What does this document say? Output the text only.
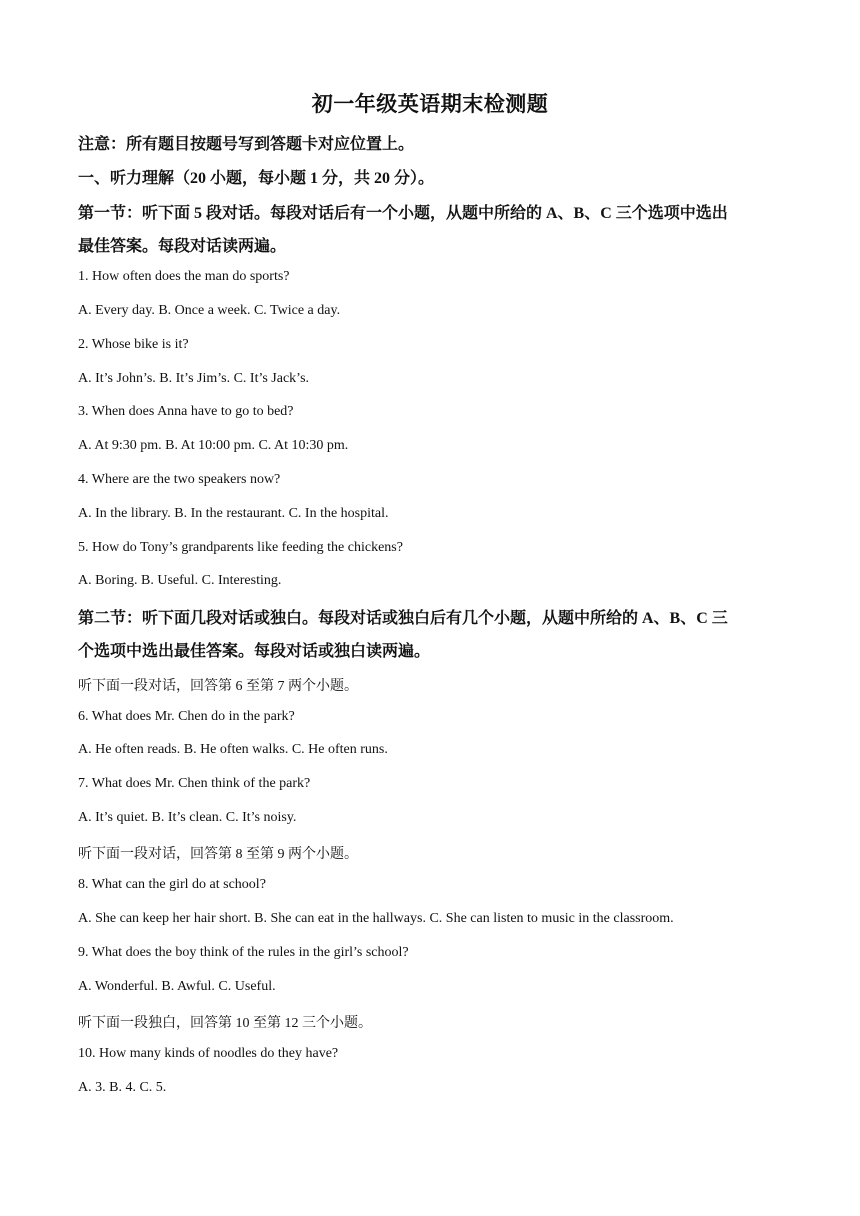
初一年级英语期末检测题
注意：所有题目按题号写到答题卡对应位置上。
一、听力理解（20 小题，每小题 1 分，共 20 分）。
第一节：听下面 5 段对话。每段对话后有一个小题，从题中所给的 A、B、C 三个选项中选出
最佳答案。每段对话读两遍。
1. How often does the man do sports?
A. Every day. B. Once a week. C. Twice a day.
2. Whose bike is it?
A. It’s John’s. B. It’s Jim’s. C. It’s Jack’s.
3. When does Anna have to go to bed?
A. At 9:30 pm. B. At 10:00 pm. C. At 10:30 pm.
4. Where are the two speakers now?
A. In the library. B. In the restaurant. C. In the hospital.
5. How do Tony’s grandparents like feeding the chickens?
A. Boring. B. Useful. C. Interesting.
第二节：听下面几段对话或独白。每段对话或独白后有几个小题，从题中所给的 A、B、C 三
个选项中选出最佳答案。每段对话或独白读两遍。
听下面一段对话，回答第 6 至第 7 两个小题。
6. What does Mr. Chen do in the park?
A. He often reads. B. He often walks. C. He often runs.
7. What does Mr. Chen think of the park?
A. It’s quiet. B. It’s clean. C. It’s noisy.
听下面一段对话，回答第 8 至第 9 两个小题。
8. What can the girl do at school?
A. She can keep her hair short. B. She can eat in the hallways. C. She can listen to music in the classroom.
9. What does the boy think of the rules in the girl’s school?
A. Wonderful. B. Awful. C. Useful.
听下面一段独白，回答第 10 至第 12 三个小题。
10. How many kinds of noodles do they have?
A. 3. B. 4. C. 5.
